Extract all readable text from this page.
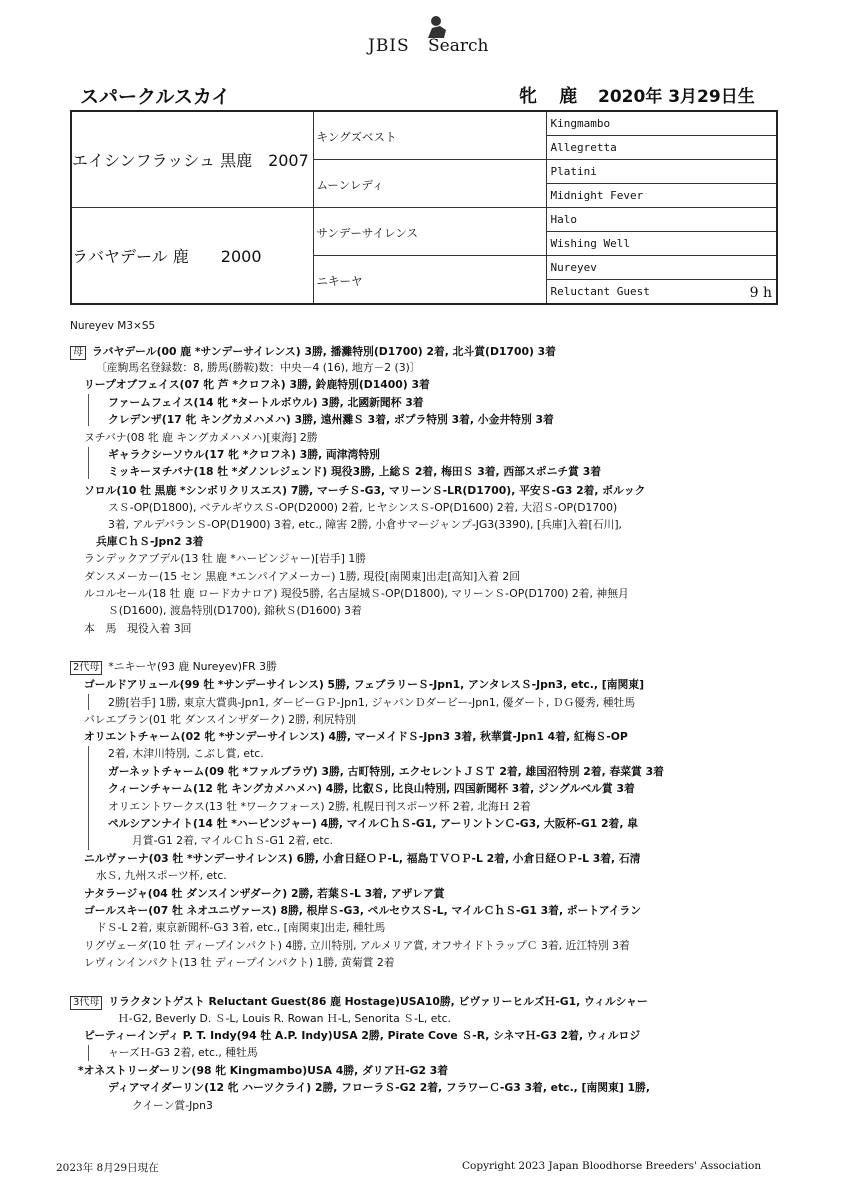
JBIS Search
スパークルスカイ	牝 鹿 2020年 3月29日生
エイシンフラッシュ 黒鹿　2007	キングズベスト	Kingmambo
		Allegretta
	ムーンレディ	Platini
		Midnight Fever
ラバヤデール 鹿　　2000	サンデーサイレンス	Halo
		Wishing Well
	ニキーヤ	Nureyev
		Reluctant Guest 9 h
Nureyev M3×S5
母 ラバヤデール(00 鹿 *サンデーサイレンス) 3勝, 播灘特別(D1700) 2着, 北斗賞(D1700) 3着
〔産駒馬名登録数：8, 勝馬(勝鞍)数：中央－4 (16), 地方－2 (3)〕
リープオブフェイス(07 牝 芦 *クロフネ) 3勝, 鈴鹿特別(D1400) 3着
ファームフェイス(14 牝 *タートルボウル) 3勝, 北國新聞杯 3着
クレデンザ(17 牝 キングカメハメハ) 3勝, 遠州灘Ｓ 3着, ポプラ特別 3着, 小金井特別 3着
ヌチバナ(08 牝 鹿 キングカメハメハ)[東海] 2勝
ギャラクシーソウル(17 牝 *クロフネ) 3勝, 両津湾特別
ミッキーヌチバナ(18 牡 *ダノンレジェンド) 現役3勝, 上総Ｓ 2着, 梅田Ｓ 3着, 西部スポニチ賞 3着
ソロル(10 牡 黒鹿 *シンボリクリスエス) 7勝, マーチＳ-G3, マリーンＳ-LR(D1700), 平安Ｓ-G3 2着, ポルック
スＳ-OP(D1800), ベテルギウスＳ-OP(D2000) 2着, ヒヤシンスＳ-OP(D1600) 2着, 大沼Ｓ-OP(D1700)
3着, アルデバランＳ-OP(D1900) 3着, etc., 障害 2勝, 小倉サマージャンプ-JG3(3390), [兵庫]入着[石川],
兵庫ＣｈＳ-Jpn2 3着
ランデックアブデル(13 牡 鹿 *ハービンジャー)[岩手] 1勝
ダンスメーカー(15 セン 黒鹿 *エンパイアメーカー) 1勝, 現役[南関東]出走[高知]入着 2回
ルコルセール(18 牡 鹿 ロードカナロア) 現役5勝, 名古屋城Ｓ-OP(D1800), マリーンＳ-OP(D1700) 2着, 神無月
Ｓ(D1600), 渡島特別(D1700), 錦秋Ｓ(D1600) 3着
本　馬　現役入着 3回
2代母 *ニキーヤ(93 鹿 Nureyev)FR 3勝
ゴールドアリュール(99 牡 *サンデーサイレンス) 5勝, フェブラリーＳ-Jpn1, アンタレスＳ-Jpn3, etc., [南関東]
2勝[岩手] 1勝, 東京大賞典-Jpn1, ダービーＧＰ-Jpn1, ジャパンＤダービー-Jpn1, 優ダート, ＤＧ優秀, 種牡馬
バレエブラン(01 牝 ダンスインザダーク) 2勝, 利尻特別
オリエントチャーム(02 牝 *サンデーサイレンス) 4勝, マーメイドＳ-Jpn3 3着, 秋華賞-Jpn1 4着, 紅梅Ｓ-OP
2着, 木津川特別, こぶし賞, etc.
ガーネットチャーム(09 牝 *ファルブラヴ) 3勝, 古町特別, エクセレントＪＳＴ 2着, 雄国沼特別 2着, 春菜賞 3着
クィーンチャーム(12 牝 キングカメハメハ) 4勝, 比叡Ｓ, 比良山特別, 四国新聞杯 3着, ジングルベル賞 3着
オリエントワークス(13 牡 *ワークフォース) 2勝, 札幌日刊スポーツ杯 2着, 北海Ｈ 2着
ペルシアンナイト(14 牡 *ハービンジャー) 4勝, マイルＣｈＳ-G1, アーリントンＣ-G3, 大阪杯-G1 2着, 皐
月賞-G1 2着, マイルＣｈＳ-G1 2着, etc.
ニルヴァーナ(03 牡 *サンデーサイレンス) 6勝, 小倉日経ＯＰ-L, 福島ＴＶＯＰ-L 2着, 小倉日経ＯＰ-L 3着, 石清
水Ｓ, 九州スポーツ杯, etc.
ナタラージャ(04 牡 ダンスインザダーク) 2勝, 若葉Ｓ-L 3着, アザレア賞
ゴールスキー(07 牡 ネオユニヴァース) 8勝, 根岸Ｓ-G3, ペルセウスＳ-L, マイルＣｈＳ-G1 3着, ポートアイラン
ドＳ-L 2着, 東京新聞杯-G3 3着, etc., [南関東]出走, 種牡馬
リグヴェーダ(10 牡 ディープインパクト) 4勝, 立川特別, アルメリア賞, オフサイドトラップＣ 3着, 近江特別 3着
レヴィンインパクト(13 牡 ディープインパクト) 1勝, 黄菊賞 2着
3代母 リラクタントゲスト Reluctant Guest(86 鹿 Hostage)USA10勝, ビヴァリーヒルズＨ-G1, ウィルシャー
Ｈ-G2, Beverly D. Ｓ-L, Louis R. Rowan Ｈ-L, Senorita Ｓ-L, etc.
ピーティーインディ P. T. Indy(94 牡 A.P. Indy)USA 2勝, Pirate Cove Ｓ-R, シネマＨ-G3 2着, ウィルロジ
ャーズＨ-G3 2着, etc., 種牡馬
*オネストリーダーリン(98 牝 Kingmambo)USA 4勝, ダリアＨ-G2 3着
ディアマイダーリン(12 牝 ハーツクライ) 2勝, フローラＳ-G2 2着, フラワーＣ-G3 3着, etc., [南関東] 1勝,
クイーン賞-Jpn3
2023年 8月29日現在	Copyright 2023 Japan Bloodhorse Breeders' Association
